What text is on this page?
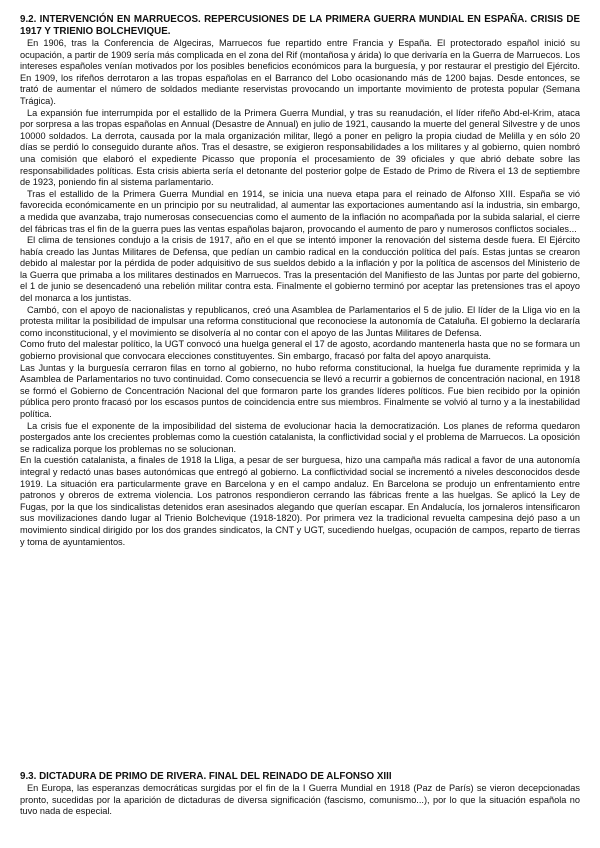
9.2. INTERVENCIÓN EN MARRUECOS. REPERCUSIONES DE LA PRIMERA GUERRA MUNDIAL EN ESPAÑA. CRISIS DE 1917 Y TRIENIO BOLCHEVIQUE.

En 1906, tras la Conferencia de Algeciras, Marruecos fue repartido entre Francia y España. El protectorado español inició su ocupación, a partir de 1909 sería más complicada en el zona del Rif (montañosa y árida) lo que derivaría en la Guerra de Marruecos. Los intereses españoles venían motivados por los posibles beneficios económicos para la burguesía, y por restaurar el prestigio del Ejército. En 1909, los rifeños derrotaron a las tropas españolas en el Barranco del Lobo ocasionando más de 1200 bajas. Desde entonces, se trató de aumentar el número de soldados mediante reservistas provocando un importante movimiento de protesta popular (Semana Trágica).

La expansión fue interrumpida por el estallido de la Primera Guerra Mundial, y tras su reanudación, el líder rifeño Abd-el-Krim, ataca por sorpresa a las tropas españolas en Annual (Desastre de Annual) en julio de 1921, causando la muerte del general Silvestre y de unos 10000 soldados. La derrota, causada por la mala organización militar, llegó a poner en peligro la propia ciudad de Melilla y en sólo 20 días se perdió lo conseguido durante años. Tras el desastre, se exigieron responsabilidades a los militares y al gobierno, quien nombró una comisión que elaboró el expediente Picasso que proponía el procesamiento de 39 oficiales y que abrió debate sobre las responsabilidades políticas. Esta crisis abierta sería el detonante del posterior golpe de Estado de Primo de Rivera el 13 de septiembre de 1923, poniendo fin al sistema parlamentario.

Tras el estallido de la Primera Guerra Mundial en 1914, se inicia una nueva etapa para el reinado de Alfonso XIII. España se vió favorecida económicamente en un principio por su neutralidad, al aumentar las exportaciones aumentando así la industria, sin embargo, a medida que avanzaba, trajo numerosas consecuencias como el aumento de la inflación no acompañada por la subida salarial, el cierre del fábricas tras el fin de la guerra pues las ventas españolas bajaron, provocando el aumento de paro y numerosos conflictos sociales...

El clima de tensiones condujo a la crisis de 1917, año en el que se intentó imponer la renovación del sistema desde fuera. El Ejército había creado las Juntas Militares de Defensa, que pedían un cambio radical en la conducción política del país. Estas juntas se crearon debido al malestar por la pérdida de poder adquisitivo de sus sueldos debido a la inflación y por la política de ascensos del Ministerio de la Guerra que primaba a los militares destinados en Marruecos. Tras la presentación del Manifiesto de las Juntas por parte del gobierno, el 1 de junio se desencadenó una rebelión militar contra esta. Finalmente el gobierno terminó por aceptar las pretensiones tras el apoyo del monarca a los juntistas.

Cambó, con el apoyo de nacionalistas y republicanos, creó una Asamblea de Parlamentarios el 5 de julio. El líder de la Lliga vio en la protesta militar la posibilidad de impulsar una reforma constitucional que reconociese la autonomía de Cataluña. El gobierno la declararía como inconstitucional, y el movimiento se disolvería al no contar con el apoyo de las Juntas Militares de Defensa.

Como fruto del malestar político, la UGT convocó una huelga general el 17 de agosto, acordando mantenerla hasta que no se formara un gobierno provisional que convocara elecciones constituyentes. Sin embargo, fracasó por falta del apoyo anarquista.

Las Juntas y la burguesía cerraron filas en torno al gobierno, no hubo reforma constitucional, la huelga fue duramente reprimida y la Asamblea de Parlamentarios no tuvo continuidad. Como consecuencia se llevó a recurrir a gobiernos de concentración nacional, en 1918 se formó el Gobierno de Concentración Nacional del que formaron parte los grandes líderes políticos. Fue bien recibido por la opinión pública pero pronto fracasó por los escasos puntos de coincidencia entre sus miembros. Finalmente se volvió al turno y a la inestabilidad política.

La crisis fue el exponente de la imposibilidad del sistema de evolucionar hacia la democratización. Los planes de reforma quedaron postergados ante los crecientes problemas como la cuestión catalanista, la conflictividad social y el problema de Marruecos. La oposición se radicaliza porque los problemas no se solucionan.

En la cuestión catalanista, a finales de 1918 la Lliga, a pesar de ser burguesa, hizo una campaña más radical a favor de una autonomía integral y redactó unas bases autonómicas que entregó al gobierno. La conflictividad social se incrementó a niveles desconocidos desde 1919. La situación era particularmente grave en Barcelona y en el campo andaluz. En Barcelona se produjo un enfrentamiento entre patronos y obreros de extrema violencia. Los patronos respondieron cerrando las fábricas frente a las huelgas. Se aplicó la Ley de Fugas, por la que los sindicalistas detenidos eran asesinados alegando que querían escapar. En Andalucía, los jornaleros intensificaron sus movilizaciones dando lugar al Trienio Bolchevique (1918-1820). Por primera vez la tradicional revuelta campesina dejó paso a un movimiento sindical dirigido por los dos grandes sindicatos, la CNT y UGT, sucediendo huelgas, ocupación de campos, reparto de tierras y toma de ayuntamientos.

9.3. DICTADURA DE PRIMO DE RIVERA. FINAL DEL REINADO DE ALFONSO XIII

En Europa, las esperanzas democráticas surgidas por el fin de la I Guerra Mundial en 1918 (Paz de París) se vieron decepcionadas pronto, sucedidas por la aparición de dictaduras de diversa significación (fascismo, comunismo...), por lo que la situación española no tuvo nada de especial.
